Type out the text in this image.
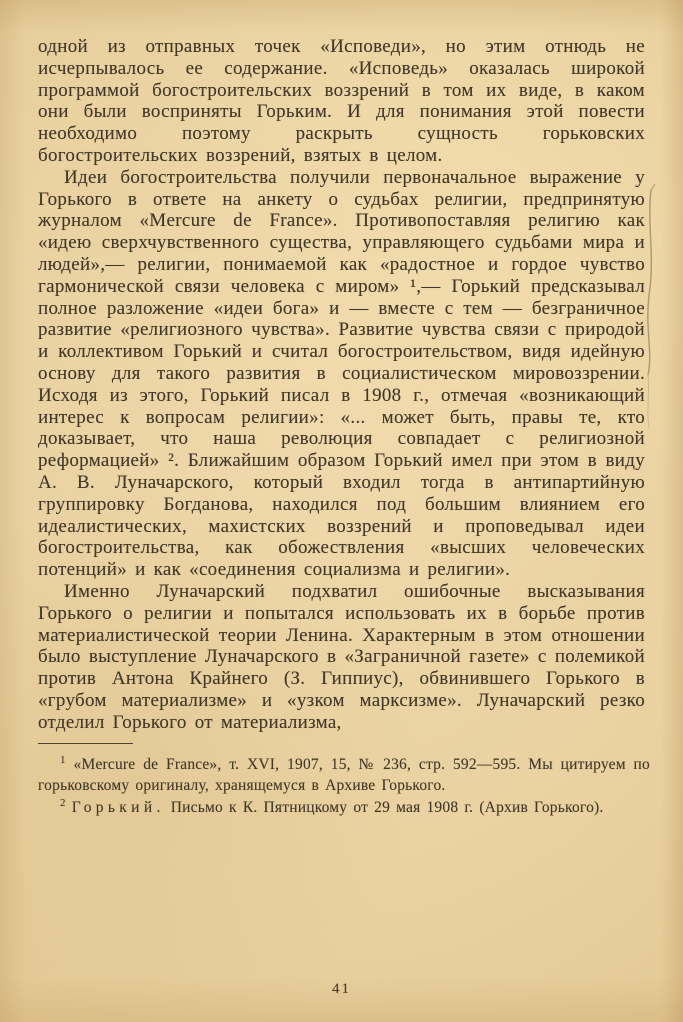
одной из отправных точек «Исповеди», но этим отнюдь не исчерпывалось ее содержание. «Исповедь» оказалась широкой программой богостроительских воззрений в том их виде, в каком они были восприняты Горьким. И для понимания этой повести необходимо поэтому раскрыть сущность горьковских богостроительских воззрений, взятых в целом.

Идеи богостроительства получили первоначальное выражение у Горького в ответе на анкету о судьбах религии, предпринятую журналом «Mercure de France». Противопоставляя религию как «идею сверхчувственного существа, управляющего судьбами мира и людей»,— религии, понимаемой как «радостное и гордое чувство гармонической связи человека с миром» ¹,— Горький предсказывал полное разложение «идеи бога» и — вместе с тем — безграничное развитие «религиозного чувства». Развитие чувства связи с природой и коллективом Горький и считал богостроительством, видя идейную основу для такого развития в социалистическом мировоззрении. Исходя из этого, Горький писал в 1908 г., отмечая «возникающий интерес к вопросам религии»: «... может быть, правы те, кто доказывает, что наша революция совпадает с религиозной реформацией» ². Ближайшим образом Горький имел при этом в виду А. В. Луначарского, который входил тогда в антипартийную группировку Богданова, находился под большим влиянием его идеалистических, махистских воззрений и проповедывал идеи богостроительства, как обожествления «высших человеческих потенций» и как «соединения социализма и религии».

Именно Луначарский подхватил ошибочные высказывания Горького о религии и попытался использовать их в борьбе против материалистической теории Ленина. Характерным в этом отношении было выступление Луначарского в «Заграничной газете» с полемикой против Антона Крайнего (З. Гиппиус), обвинившего Горького в «грубом материализме» и «узком марксизме». Луначарский резко отделил Горького от материализма,

$^1$ «Mercure de France», т. XVI, 1907, 15, № 236, стр. 592—595. Мы цитируем по горьковскому оригиналу, хранящемуся в Архиве Горького.

$^2$ Горький. Письмо к К. Пятницкому от 29 мая 1908 г. (Архив Горького).

41
